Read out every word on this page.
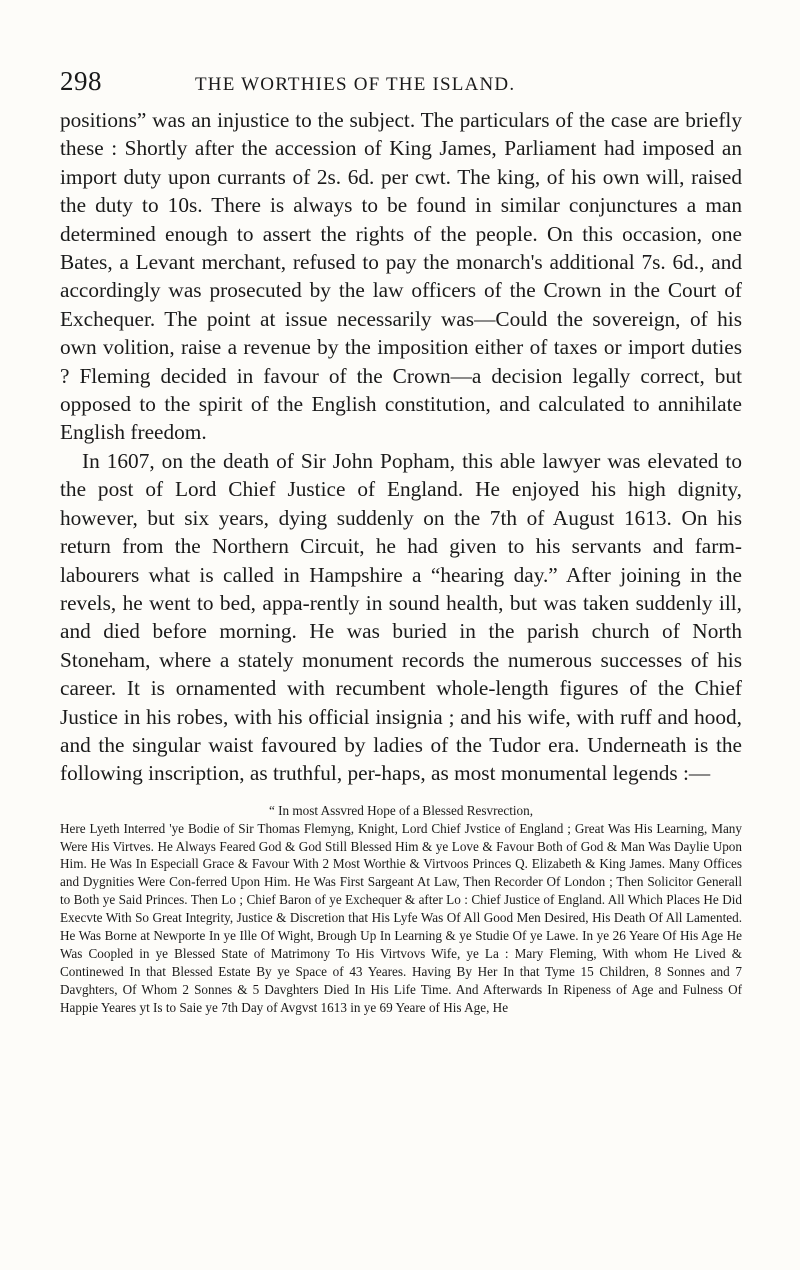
298	THE WORTHIES OF THE ISLAND.

positions” was an injustice to the subject. The particulars of the case are briefly these : Shortly after the accession of King James, Parliament had imposed an import duty upon currants of 2s. 6d. per cwt. The king, of his own will, raised the duty to 10s. There is always to be found in similar conjunctures a man determined enough to assert the rights of the people. On this occasion, one Bates, a Levant merchant, refused to pay the monarch's additional 7s. 6d., and accordingly was prosecuted by the law officers of the Crown in the Court of Exchequer. The point at issue necessarily was—Could the sovereign, of his own volition, raise a revenue by the imposition either of taxes or import duties ? Fleming decided in favour of the Crown—a decision legally correct, but opposed to the spirit of the English constitution, and calculated to annihilate English freedom.

In 1607, on the death of Sir John Popham, this able lawyer was elevated to the post of Lord Chief Justice of England. He enjoyed his high dignity, however, but six years, dying suddenly on the 7th of August 1613. On his return from the Northern Circuit, he had given to his servants and farm-labourers what is called in Hampshire a “hearing day.” After joining in the revels, he went to bed, appa-rently in sound health, but was taken suddenly ill, and died before morning. He was buried in the parish church of North Stoneham, where a stately monument records the numerous successes of his career. It is ornamented with recumbent whole-length figures of the Chief Justice in his robes, with his official insignia ; and his wife, with ruff and hood, and the singular waist favoured by ladies of the Tudor era. Underneath is the following inscription, as truthful, per-haps, as most monumental legends :—

“ In most Assvred Hope of a Blessed Resvrection,
Here Lyeth Interred 'ye Bodie of Sir Thomas Flemyng, Knight, Lord Chief Jvstice of England ; Great Was His Learning, Many Were His Virtves. He Always Feared God & God Still Blessed Him & ye Love & Favour Both of God & Man Was Daylie Upon Him. He Was In Especiall Grace & Favour With 2 Most Worthie & Virtvoos Princes Q. Elizabeth & King James. Many Offices and Dygnities Were Con-ferred Upon Him. He Was First Sargeant At Law, Then Recorder Of London ; Then Solicitor Generall to Both ye Said Princes. Then Lo ; Chief Baron of ye Exchequer & after Lo : Chief Justice of England. All Which Places He Did Execvte With So Great Integrity, Justice & Discretion that His Lyfe Was Of All Good Men Desired, His Death Of All Lamented. He Was Borne at Newporte In ye Ille Of Wight, Brough Up In Learning & ye Studie Of ye Lawe. In ye 26 Yeare Of His Age He Was Coopled in ye Blessed State of Matrimony To His Virtvovs Wife, ye La : Mary Fleming, With whom He Lived & Continewed In that Blessed Estate By ye Space of 43 Yeares. Having By Her In that Tyme 15 Children, 8 Sonnes and 7 Davghters, Of Whom 2 Sonnes & 5 Davghters Died In His Life Time. And Afterwards In Ripeness of Age and Fulness Of Happie Yeares yt Is to Saie ye 7th Day of Avgvst 1613 in ye 69 Yeare of His Age, He
